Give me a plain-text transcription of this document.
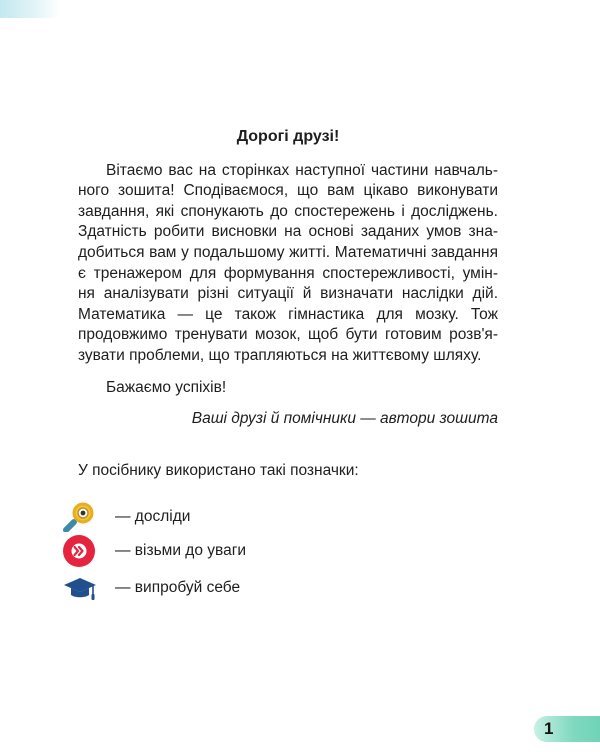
Дорогі друзі!

Вітаємо вас на сторінках наступної частини навчаль-
ного зошита! Сподіваємося, що вам цікаво виконувати
завдання, які спонукають до спостережень і досліджень.
Здатність робити висновки на основі заданих умов зна-
добиться вам у подальшому житті. Математичні завдання
є тренажером для формування спостережливості, умін-
ня аналізувати різні ситуації й визначати наслідки дій.
Математика — це також гімнастика для мозку. Тож
продовжимо тренувати мозок, щоб бути готовим розв'я-
зувати проблеми, що трапляються на життєвому шляху.

Бажаємо успіхів!

Ваші друзі й помічники — автори зошита

У посібнику використано такі позначки:

— досліди
— візьми до уваги
— випробуй себе
1
